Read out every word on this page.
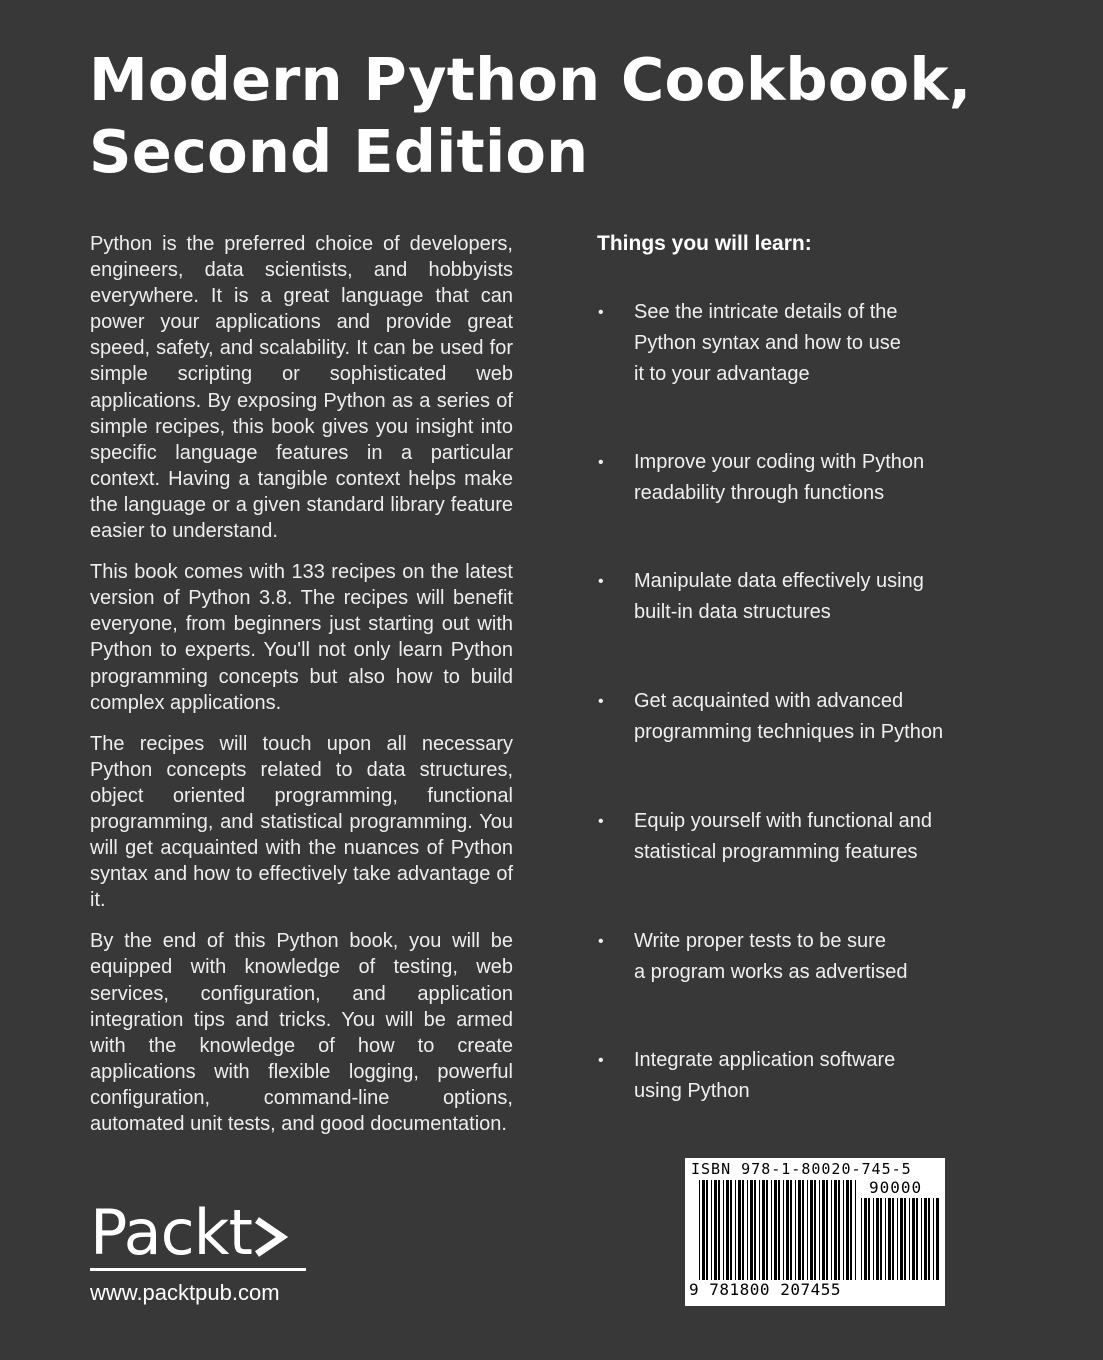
Modern Python Cookbook,
Second Edition

Python is the preferred choice of developers, engineers, data scientists, and hobbyists everywhere. It is a great language that can power your applications and provide great speed, safety, and scalability. It can be used for simple scripting or sophisticated web applications. By exposing Python as a series of simple recipes, this book gives you insight into specific language features in a particular context. Having a tangible context helps make the language or a given standard library feature easier to understand.

This book comes with 133 recipes on the latest version of Python 3.8. The recipes will benefit everyone, from beginners just starting out with Python to experts. You'll not only learn Python programming concepts but also how to build complex applications.

The recipes will touch upon all necessary Python concepts related to data structures, object oriented programming, functional programming, and statistical programming. You will get acquainted with the nuances of Python syntax and how to effectively take advantage of it.

By the end of this Python book, you will be equipped with knowledge of testing, web services, configuration, and application integration tips and tricks. You will be armed with the knowledge of how to create applications with flexible logging, powerful configuration, command-line options, automated unit tests, and good documentation.

Things you will learn:
•	See the intricate details of the
Python syntax and how to use
it to your advantage
•	Improve your coding with Python
readability through functions
•	Manipulate data effectively using
built-in data structures
•	Get acquainted with advanced
programming techniques in Python
•	Equip yourself with functional and
statistical programming features
•	Write proper tests to be sure
a program works as advertised
•	Integrate application software
using Python
Packt
www.packtpub.com
ISBN 978-1-80020-745-5
90000
9 781800 207455
